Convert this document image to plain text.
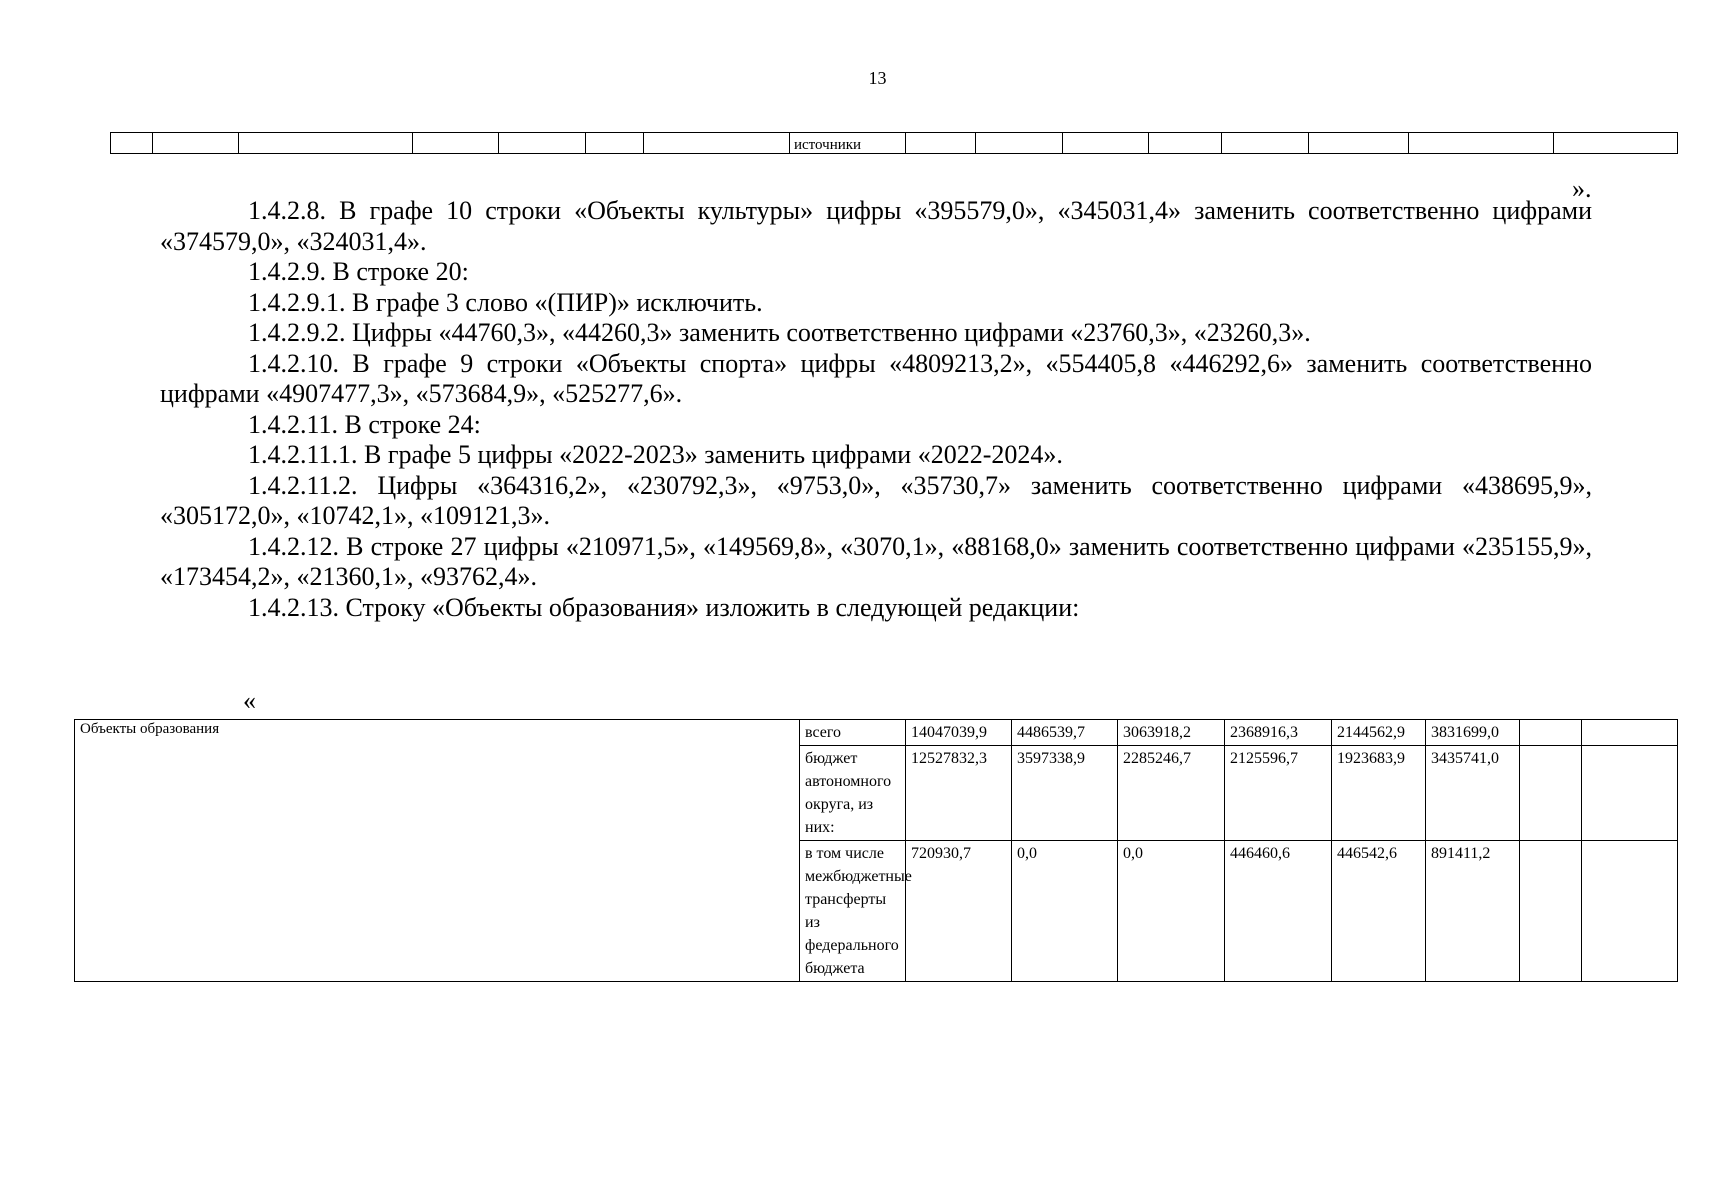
13
							источники								
».

1.4.2.8. В графе 10 строки «Объекты культуры» цифры «395579,0», «345031,4» заменить соответственно цифрами «374579,0», «324031,4».

1.4.2.9. В строке 20:

1.4.2.9.1. В графе 3 слово «(ПИР)» исключить.

1.4.2.9.2. Цифры «44760,3», «44260,3» заменить соответственно цифрами «23760,3», «23260,3».

1.4.2.10. В графе 9 строки «Объекты спорта» цифры «4809213,2», «554405,8 «446292,6» заменить соответственно цифрами «4907477,3», «573684,9», «525277,6».

1.4.2.11. В строке 24:

1.4.2.11.1. В графе 5 цифры «2022-2023» заменить цифрами «2022-2024».

1.4.2.11.2. Цифры «364316,2», «230792,3», «9753,0», «35730,7» заменить соответственно цифрами «438695,9», «305172,0», «10742,1», «109121,3».

1.4.2.12. В строке 27 цифры «210971,5», «149569,8», «3070,1», «88168,0» заменить соответственно цифрами «235155,9», «173454,2», «21360,1», «93762,4».

1.4.2.13. Строку «Объекты образования» изложить в следующей редакции:

«
Объекты образования	всего	14047039,9	4486539,7	3063918,2	2368916,3	2144562,9	3831699,0		
	бюджет автономного округа, из них:	12527832,3	3597338,9	2285246,7	2125596,7	1923683,9	3435741,0		
	в том числе межбюджетные трансферты из федерального бюджета	720930,7	0,0	0,0	446460,6	446542,6	891411,2		
